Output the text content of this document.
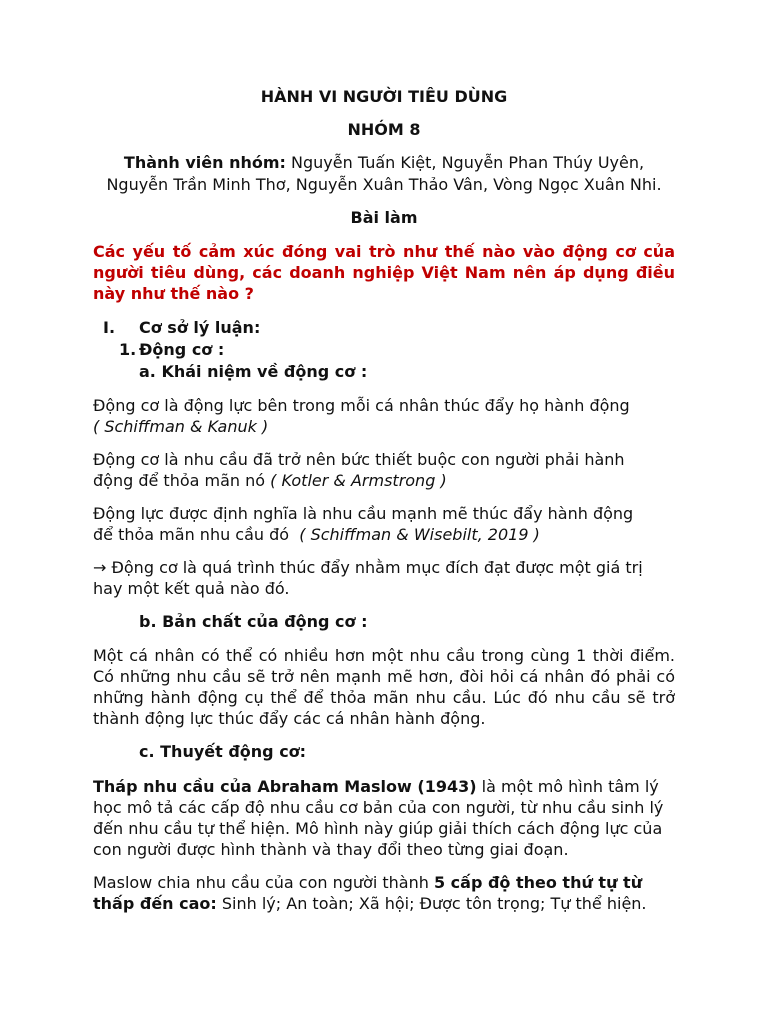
HÀNH VI NGƯỜI TIÊU DÙNG

NHÓM 8

Thành viên nhóm: Nguyễn Tuấn Kiệt, Nguyễn Phan Thúy Uyên,
Nguyễn Trần Minh Thơ, Nguyễn Xuân Thảo Vân, Vòng Ngọc Xuân Nhi.

Bài làm

Các yếu tố cảm xúc đóng vai trò như thế nào vào động cơ của người tiêu dùng, các doanh nghiệp Việt Nam nên áp dụng điều này như thế nào ?

I.	Cơ sở lý luận:
1. Động cơ :

a. Khái niệm về động cơ :

Động cơ là động lực bên trong mỗi cá nhân thúc đẩy họ hành động
( Schiffman & Kanuk )
Động cơ là nhu cầu đã trở nên bức thiết buộc con người phải hành
động để thỏa mãn nó ( Kotler & Armstrong )
Động lực được định nghĩa là nhu cầu mạnh mẽ thúc đẩy hành động
để thỏa mãn nhu cầu đó  ( Schiffman & Wisebilt, 2019 )

→ Động cơ là quá trình thúc đẩy nhằm mục đích đạt được một giá trị hay một kết quả nào đó.

b. Bản chất của động cơ :

Một cá nhân có thể có nhiều hơn một nhu cầu trong cùng 1 thời điểm. Có những nhu cầu sẽ trở nên mạnh mẽ hơn, đòi hỏi cá nhân đó phải có những hành động cụ thể để thỏa mãn nhu cầu. Lúc đó nhu cầu sẽ trở thành động lực thúc đẩy các cá nhân hành động.

c. Thuyết động cơ:

Tháp nhu cầu của Abraham Maslow (1943) là một mô hình tâm lý học mô tả các cấp độ nhu cầu cơ bản của con người, từ nhu cầu sinh lý đến nhu cầu tự thể hiện. Mô hình này giúp giải thích cách động lực của con người được hình thành và thay đổi theo từng giai đoạn.
Maslow chia nhu cầu của con người thành 5 cấp độ theo thứ tự từ thấp đến cao: Sinh lý; An toàn; Xã hội; Được tôn trọng; Tự thể hiện.
